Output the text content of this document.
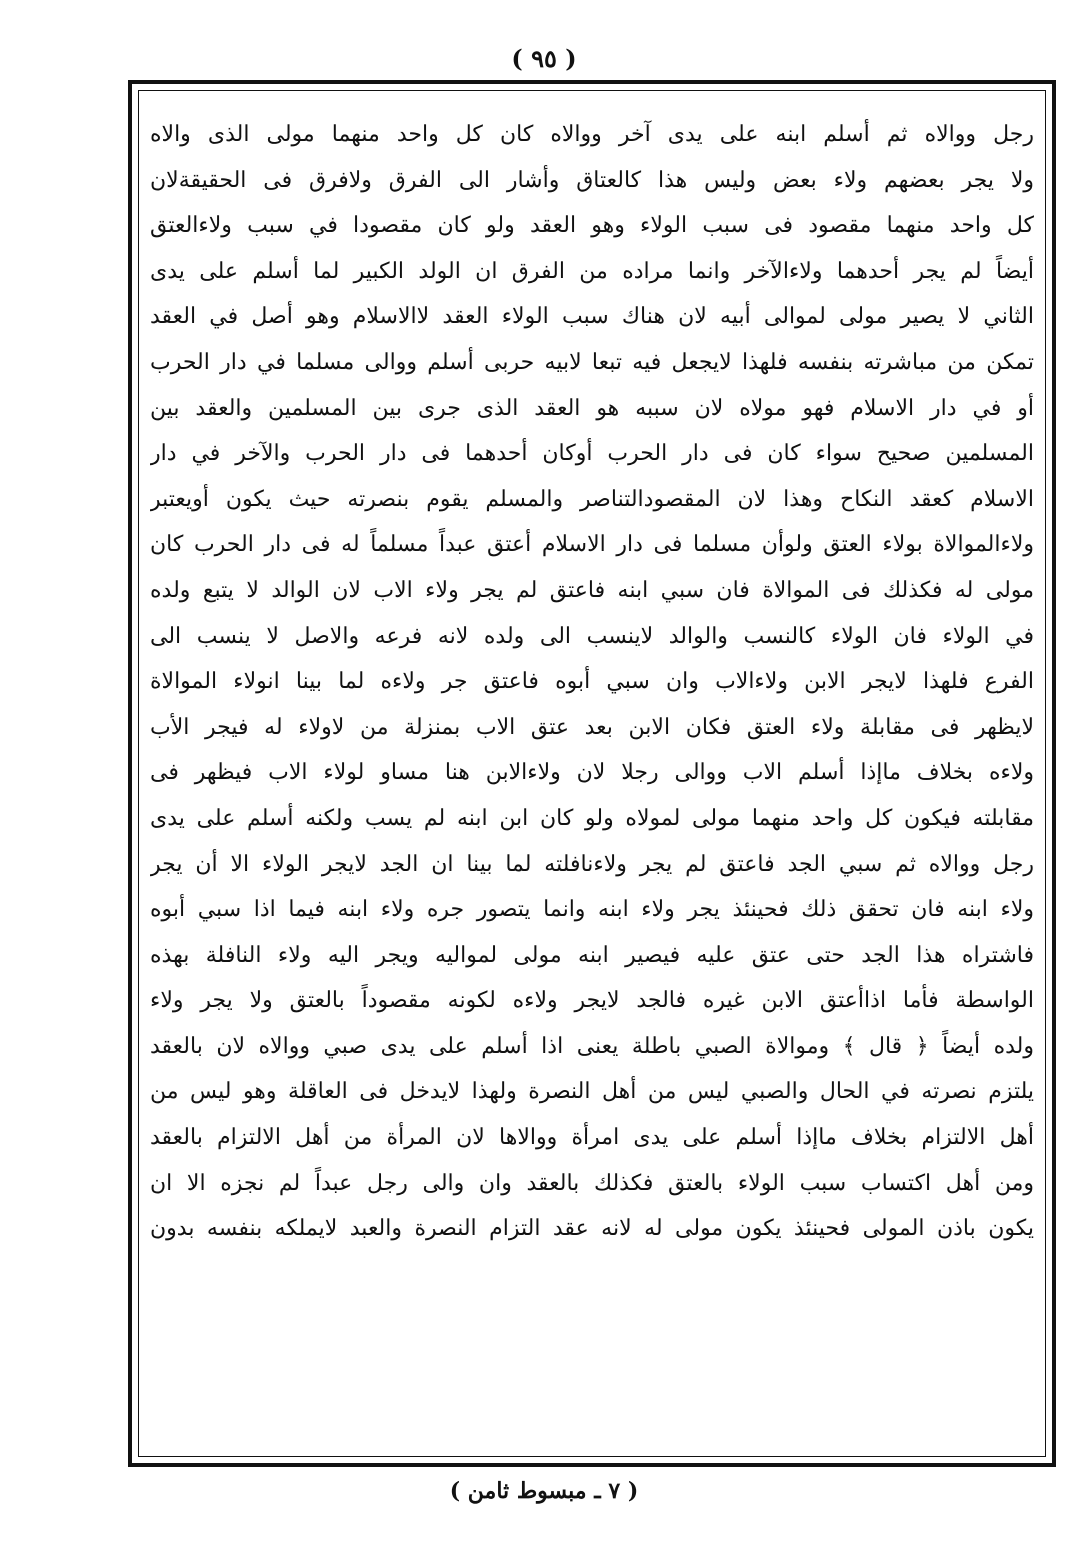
( ٩٥ )
رجل ووالاه ثم أسلم ابنه على يدى آخر ووالاه كان كل واحد منهما مولى الذى والاه
ولا يجر بعضهم ولاء بعض وليس هذا كالعتاق وأشار الى الفرق ولافرق فى الحقيقةلان
كل واحد منهما مقصود فى سبب الولاء وهو العقد ولو كان مقصودا في سبب ولاءالعتق
أيضاً لم يجر أحدهما ولاءالآخر وانما مراده من الفرق ان الولد الكبير لما أسلم على يدى
الثاني لا يصير مولى لموالى أبيه لان هناك سبب الولاء العقد لاالاسلام وهو أصل في العقد
تمكن من مباشرته بنفسه فلهذا لايجعل فيه تبعا لابيه حربى أسلم ووالى مسلما في دار الحرب
أو في دار الاسلام فهو مولاه لان سببه هو العقد الذى جرى بين المسلمين والعقد بين
المسلمين صحيح سواء كان فى دار الحرب أوكان أحدهما فى دار الحرب والآخر في دار
الاسلام كعقد النكاح وهذا لان المقصودالتناصر والمسلم يقوم بنصرته حيث يكون أويعتبر
ولاءالموالاة بولاء العتق ولوأن مسلما فى دار الاسلام أعتق عبداً مسلماً له فى دار الحرب كان
مولى له فكذلك فى الموالاة فان سبي ابنه فاعتق لم يجر ولاء الاب لان الوالد لا يتبع ولده
في الولاء فان الولاء كالنسب والوالد لاينسب الى ولده لانه فرعه والاصل لا ينسب الى
الفرع فلهذا لايجر الابن ولاءالاب وان سبي أبوه فاعتق جر ولاءه لما بينا انولاء الموالاة
لايظهر فى مقابلة ولاء العتق فكان الابن بعد عتق الاب بمنزلة من لاولاء له فيجر الأب
ولاءه بخلاف ماإذا أسلم الاب ووالى رجلا لان ولاءالابن هنا مساو لولاء الاب فيظهر فى
مقابلته فيكون كل واحد منهما مولى لمولاه ولو كان ابن ابنه لم يسب ولكنه أسلم على يدى
رجل ووالاه ثم سبي الجد فاعتق لم يجر ولاءنافلته لما بينا ان الجد لايجر الولاء الا أن يجر
ولاء ابنه فان تحقق ذلك فحينئذ يجر ولاء ابنه وانما يتصور جره ولاء ابنه فيما اذا سبي أبوه
فاشتراه هذا الجد حتى عتق عليه فيصير ابنه مولى لمواليه ويجر اليه ولاء النافلة بهذه
الواسطة فأما اذاأعتق الابن غيره فالجد لايجر ولاءه لكونه مقصوداً بالعتق ولا يجر ولاء
ولده أيضاً ﴿ قال ﴾ وموالاة الصبي باطلة يعنى اذا أسلم على يدى صبي ووالاه لان بالعقد
يلتزم نصرته في الحال والصبي ليس من أهل النصرة ولهذا لايدخل فى العاقلة وهو ليس من
أهل الالتزام بخلاف ماإذا أسلم على يدى امرأة ووالاها لان المرأة من أهل الالتزام بالعقد
ومن أهل اكتساب سبب الولاء بالعتق فكذلك بالعقد وان والى رجل عبداً لم نجزه الا ان
يكون باذن المولى فحينئذ يكون مولى له لانه عقد التزام النصرة والعبد لايملكه بنفسه بدون
( ٧ ـ مبسوط ثامن )
